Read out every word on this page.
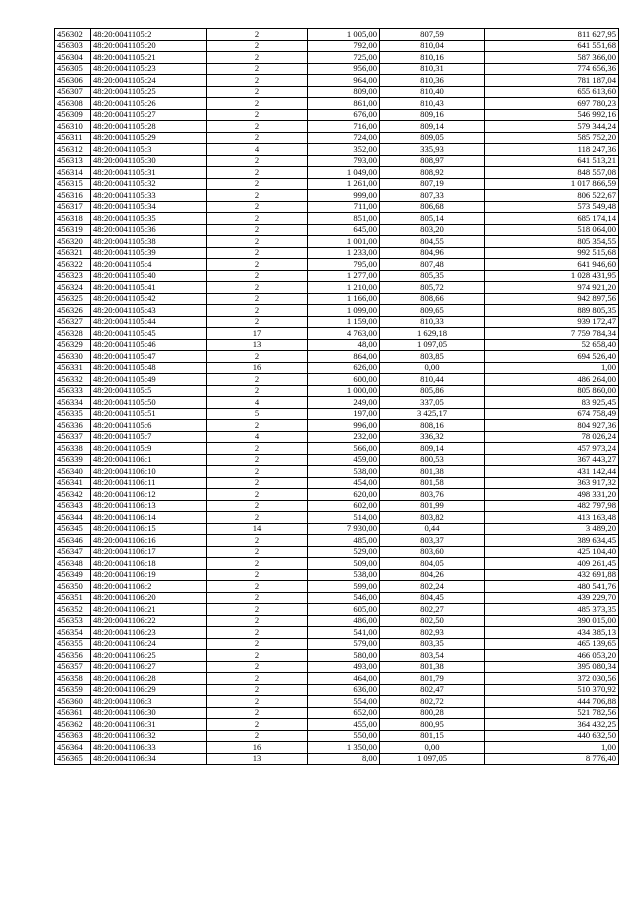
456302	48:20:0041105:2	2	1 005,00	807,59	811 627,95
456303	48:20:0041105:20	2	792,00	810,04	641 551,68
456304	48:20:0041105:21	2	725,00	810,16	587 366,00
456305	48:20:0041105:23	2	956,00	810,31	774 656,36
456306	48:20:0041105:24	2	964,00	810,36	781 187,04
456307	48:20:0041105:25	2	809,00	810,40	655 613,60
456308	48:20:0041105:26	2	861,00	810,43	697 780,23
456309	48:20:0041105:27	2	676,00	809,16	546 992,16
456310	48:20:0041105:28	2	716,00	809,14	579 344,24
456311	48:20:0041105:29	2	724,00	809,05	585 752,20
456312	48:20:0041105:3	4	352,00	335,93	118 247,36
456313	48:20:0041105:30	2	793,00	808,97	641 513,21
456314	48:20:0041105:31	2	1 049,00	808,92	848 557,08
456315	48:20:0041105:32	2	1 261,00	807,19	1 017 866,59
456316	48:20:0041105:33	2	999,00	807,33	806 522,67
456317	48:20:0041105:34	2	711,00	806,68	573 549,48
456318	48:20:0041105:35	2	851,00	805,14	685 174,14
456319	48:20:0041105:36	2	645,00	803,20	518 064,00
456320	48:20:0041105:38	2	1 001,00	804,55	805 354,55
456321	48:20:0041105:39	2	1 233,00	804,96	992 515,68
456322	48:20:0041105:4	2	795,00	807,48	641 946,60
456323	48:20:0041105:40	2	1 277,00	805,35	1 028 431,95
456324	48:20:0041105:41	2	1 210,00	805,72	974 921,20
456325	48:20:0041105:42	2	1 166,00	808,66	942 897,56
456326	48:20:0041105:43	2	1 099,00	809,65	889 805,35
456327	48:20:0041105:44	2	1 159,00	810,33	939 172,47
456328	48:20:0041105:45	17	4 763,00	1 629,18	7 759 784,34
456329	48:20:0041105:46	13	48,00	1 097,05	52 658,40
456330	48:20:0041105:47	2	864,00	803,85	694 526,40
456331	48:20:0041105:48	16	626,00	0,00	1,00
456332	48:20:0041105:49	2	600,00	810,44	486 264,00
456333	48:20:0041105:5	2	1 000,00	805,86	805 860,00
456334	48:20:0041105:50	4	249,00	337,05	83 925,45
456335	48:20:0041105:51	5	197,00	3 425,17	674 758,49
456336	48:20:0041105:6	2	996,00	808,16	804 927,36
456337	48:20:0041105:7	4	232,00	336,32	78 026,24
456338	48:20:0041105:9	2	566,00	809,14	457 973,24
456339	48:20:0041106:1	2	459,00	800,53	367 443,27
456340	48:20:0041106:10	2	538,00	801,38	431 142,44
456341	48:20:0041106:11	2	454,00	801,58	363 917,32
456342	48:20:0041106:12	2	620,00	803,76	498 331,20
456343	48:20:0041106:13	2	602,00	801,99	482 797,98
456344	48:20:0041106:14	2	514,00	803,82	413 163,48
456345	48:20:0041106:15	14	7 930,00	0,44	3 489,20
456346	48:20:0041106:16	2	485,00	803,37	389 634,45
456347	48:20:0041106:17	2	529,00	803,60	425 104,40
456348	48:20:0041106:18	2	509,00	804,05	409 261,45
456349	48:20:0041106:19	2	538,00	804,26	432 691,88
456350	48:20:0041106:2	2	599,00	802,24	480 541,76
456351	48:20:0041106:20	2	546,00	804,45	439 229,70
456352	48:20:0041106:21	2	605,00	802,27	485 373,35
456353	48:20:0041106:22	2	486,00	802,50	390 015,00
456354	48:20:0041106:23	2	541,00	802,93	434 385,13
456355	48:20:0041106:24	2	579,00	803,35	465 139,65
456356	48:20:0041106:25	2	580,00	803,54	466 053,20
456357	48:20:0041106:27	2	493,00	801,38	395 080,34
456358	48:20:0041106:28	2	464,00	801,79	372 030,56
456359	48:20:0041106:29	2	636,00	802,47	510 370,92
456360	48:20:0041106:3	2	554,00	802,72	444 706,88
456361	48:20:0041106:30	2	652,00	800,28	521 782,56
456362	48:20:0041106:31	2	455,00	800,95	364 432,25
456363	48:20:0041106:32	2	550,00	801,15	440 632,50
456364	48:20:0041106:33	16	1 350,00	0,00	1,00
456365	48:20:0041106:34	13	8,00	1 097,05	8 776,40
